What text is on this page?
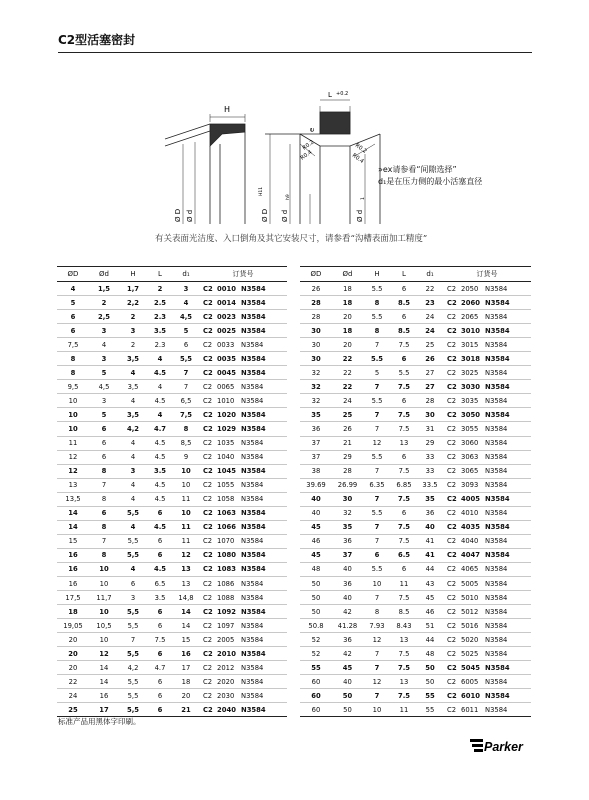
C2型活塞密封
H
Ø D Ø d
L +0.2
e
R0.2
R0.4
R0.2
R0.4
Ø D
H11
Ø d
h9
Ø d
1
»ex请参看“间隙选择”
d₁是在压力侧的最小活塞直径
有关表面光洁度、入口倒角及其它安装尺寸，请参看“沟槽表面加工精度”
ØD	Ød	H	L	d₁	订货号
4	1,5	1,7	2	3	C2 0010 N3584
5	2	2,2	2.5	4	C2 0014 N3584
6	2,5	2	2.3	4,5	C2 0023 N3584
6	3	3	3.5	5	C2 0025 N3584
7,5	4	2	2.3	6	C2 0033 N3584
8	3	3,5	4	5,5	C2 0035 N3584
8	5	4	4.5	7	C2 0045 N3584
9,5	4,5	3,5	4	7	C2 0065 N3584
10	3	4	4.5	6,5	C2 1010 N3584
10	5	3,5	4	7,5	C2 1020 N3584
10	6	4,2	4.7	8	C2 1029 N3584
11	6	4	4.5	8,5	C2 1035 N3584
12	6	4	4.5	9	C2 1040 N3584
12	8	3	3.5	10	C2 1045 N3584
13	7	4	4.5	10	C2 1055 N3584
13,5	8	4	4.5	11	C2 1058 N3584
14	6	5,5	6	10	C2 1063 N3584
14	8	4	4.5	11	C2 1066 N3584
15	7	5,5	6	11	C2 1070 N3584
16	8	5,5	6	12	C2 1080 N3584
16	10	4	4.5	13	C2 1083 N3584
16	10	6	6.5	13	C2 1086 N3584
17,5	11,7	3	3.5	14,8	C2 1088 N3584
18	10	5,5	6	14	C2 1092 N3584
19,05	10,5	5,5	6	14	C2 1097 N3584
20	10	7	7.5	15	C2 2005 N3584
20	12	5,5	6	16	C2 2010 N3584
20	14	4,2	4.7	17	C2 2012 N3584
22	14	5,5	6	18	C2 2020 N3584
24	16	5,5	6	20	C2 2030 N3584
25	17	5,5	6	21	C2 2040 N3584
ØD	Ød	H	L	d₁	订货号
26	18	5.5	6	22	C2 2050 N3584
28	18	8	8.5	23	C2 2060 N3584
28	20	5.5	6	24	C2 2065 N3584
30	18	8	8.5	24	C2 3010 N3584
30	20	7	7.5	25	C2 3015 N3584
30	22	5.5	6	26	C2 3018 N3584
32	22	5	5.5	27	C2 3025 N3584
32	22	7	7.5	27	C2 3030 N3584
32	24	5.5	6	28	C2 3035 N3584
35	25	7	7.5	30	C2 3050 N3584
36	26	7	7.5	31	C2 3055 N3584
37	21	12	13	29	C2 3060 N3584
37	29	5.5	6	33	C2 3063 N3584
38	28	7	7.5	33	C2 3065 N3584
39.69	26.99	6.35	6.85	33.5	C2 3093 N3584
40	30	7	7.5	35	C2 4005 N3584
40	32	5.5	6	36	C2 4010 N3584
45	35	7	7.5	40	C2 4035 N3584
46	36	7	7.5	41	C2 4040 N3584
45	37	6	6.5	41	C2 4047 N3584
48	40	5.5	6	44	C2 4065 N3584
50	36	10	11	43	C2 5005 N3584
50	40	7	7.5	45	C2 5010 N3584
50	42	8	8.5	46	C2 5012 N3584
50.8	41.28	7.93	8.43	51	C2 5016 N3584
52	36	12	13	44	C2 5020 N3584
52	42	7	7.5	48	C2 5025 N3584
55	45	7	7.5	50	C2 5045 N3584
60	40	12	13	50	C2 6005 N3584
60	50	7	7.5	55	C2 6010 N3584
60	50	10	11	55	C2 6011 N3584
标准产品用黑体字印刷。
Parker
